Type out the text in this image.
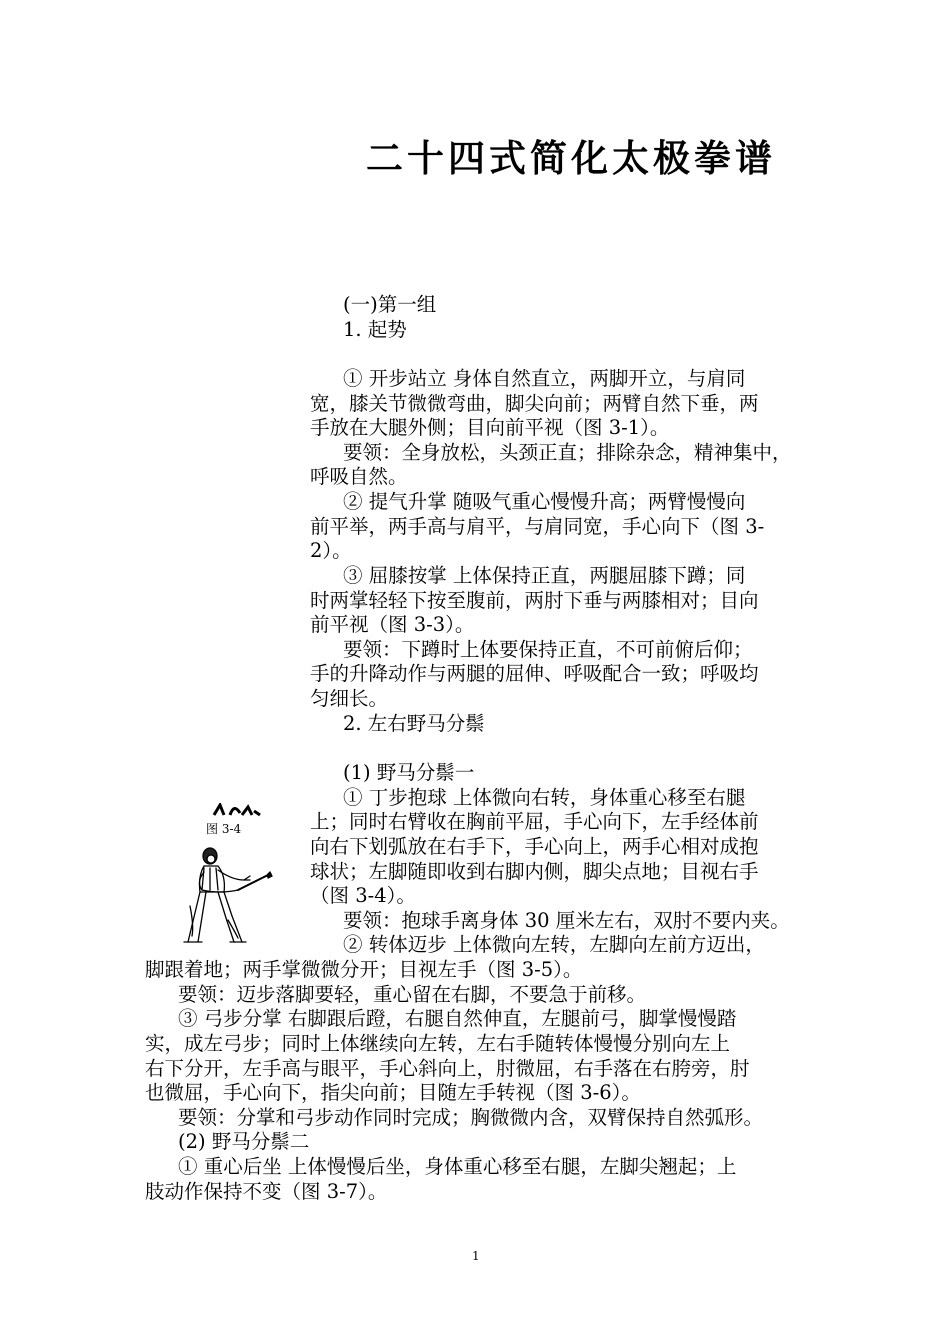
二十四式简化太极拳谱
(一)第一组
1. 起势
① 开步站立 身体自然直立，两脚开立，与肩同
宽，膝关节微微弯曲，脚尖向前；两臂自然下垂，两
手放在大腿外侧；目向前平视（图 3-1）。
要领：全身放松，头颈正直；排除杂念，精神集中，
呼吸自然。
② 提气升掌 随吸气重心慢慢升高；两臂慢慢向
前平举，两手高与肩平，与肩同宽，手心向下（图 3-
2）。
③ 屈膝按掌 上体保持正直，两腿屈膝下蹲；同
时两掌轻轻下按至腹前，两肘下垂与两膝相对；目向
前平视（图 3-3）。
要领：下蹲时上体要保持正直，不可前俯后仰；
手的升降动作与两腿的屈伸、呼吸配合一致；呼吸均
匀细长。
2. 左右野马分鬃
(1) 野马分鬃一
① 丁步抱球 上体微向右转，身体重心移至右腿
上；同时右臂收在胸前平屈，手心向下，左手经体前
向右下划弧放在右手下，手心向上，两手心相对成抱
球状；左脚随即收到右脚内侧，脚尖点地；目视右手
（图 3-4）。
要领：抱球手离身体 30 厘米左右，双肘不要内夹。
② 转体迈步 上体微向左转，左脚向左前方迈出，
脚跟着地；两手掌微微分开；目视左手（图 3-5）。
要领：迈步落脚要轻，重心留在右脚，不要急于前移。
③ 弓步分掌 右脚跟后蹬，右腿自然伸直，左腿前弓，脚掌慢慢踏
实，成左弓步；同时上体继续向左转，左右手随转体慢慢分别向左上
右下分开，左手高与眼平，手心斜向上，肘微屈，右手落在右胯旁，肘
也微屈，手心向下，指尖向前；目随左手转视（图 3-6）。
要领：分掌和弓步动作同时完成；胸微微内含，双臂保持自然弧形。
(2) 野马分鬃二
① 重心后坐 上体慢慢后坐，身体重心移至右腿，左脚尖翘起；上
肢动作保持不变（图 3-7）。
图 3-4
1
